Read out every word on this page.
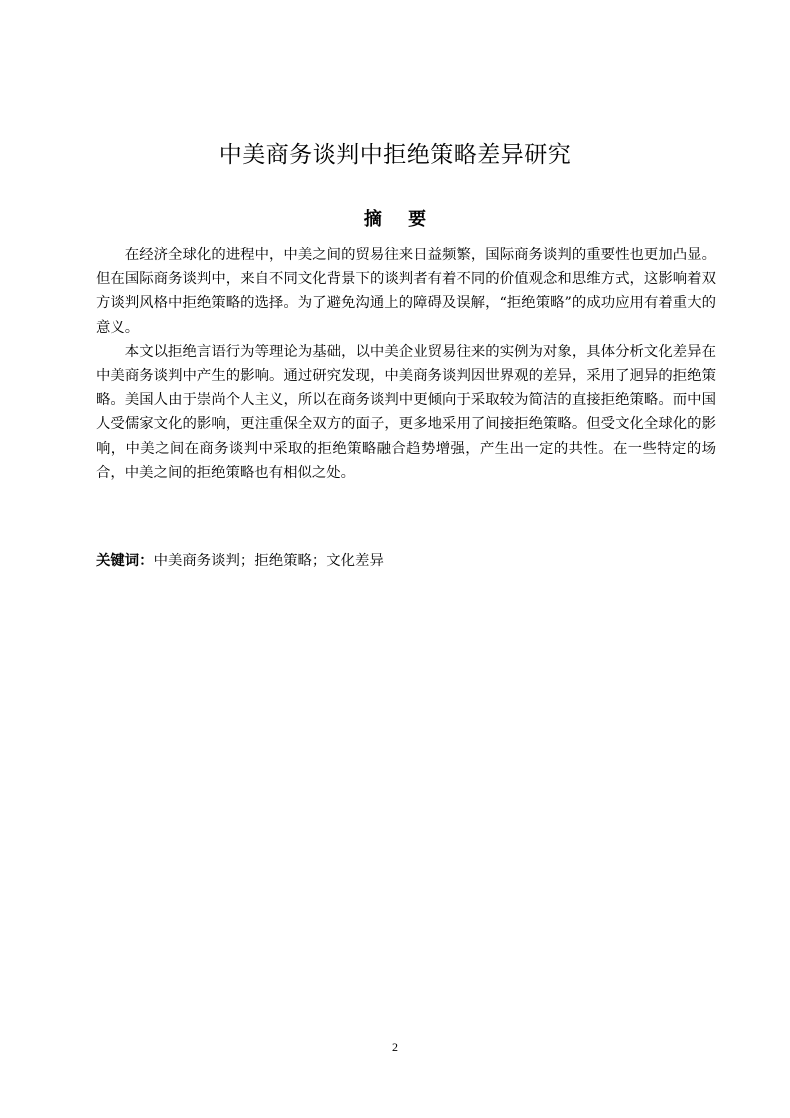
中美商务谈判中拒绝策略差异研究
摘 要

在经济全球化的进程中，中美之间的贸易往来日益频繁，国际商务谈判的重要性也更加凸显。但在国际商务谈判中，来自不同文化背景下的谈判者有着不同的价值观念和思维方式，这影响着双方谈判风格中拒绝策略的选择。为了避免沟通上的障碍及误解，“拒绝策略”的成功应用有着重大的意义。

本文以拒绝言语行为等理论为基础，以中美企业贸易往来的实例为对象，具体分析文化差异在中美商务谈判中产生的影响。通过研究发现，中美商务谈判因世界观的差异，采用了迥异的拒绝策略。美国人由于崇尚个人主义，所以在商务谈判中更倾向于采取较为简洁的直接拒绝策略。而中国人受儒家文化的影响，更注重保全双方的面子，更多地采用了间接拒绝策略。但受文化全球化的影响，中美之间在商务谈判中采取的拒绝策略融合趋势增强，产生出一定的共性。在一些特定的场合，中美之间的拒绝策略也有相似之处。

关键词：中美商务谈判；拒绝策略；文化差异
2
